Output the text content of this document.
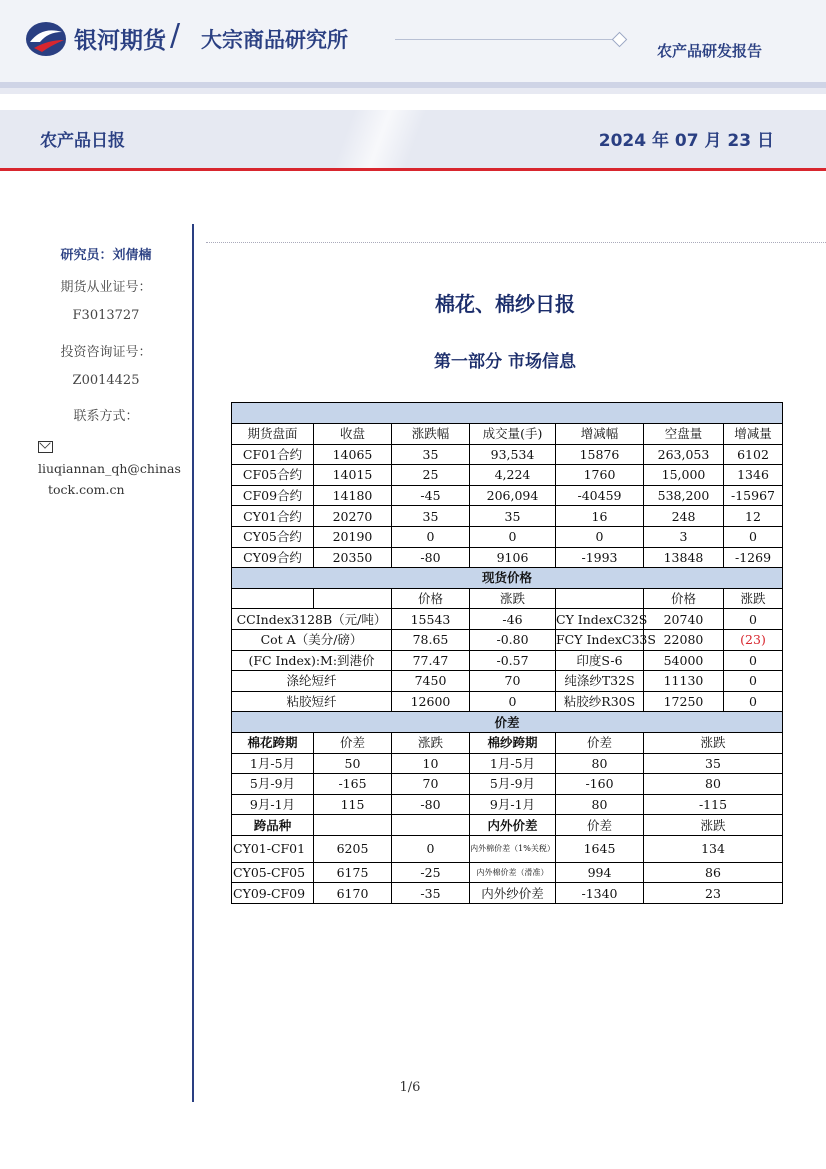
银河期货 / 大宗商品研究所	农产品研发报告
农产品日报	2024 年 07 月 23 日
研究员：刘倩楠
期货从业证号：
F3013727
投资咨询证号：
Z0014425
联系方式：
liuqiannan_qh@chinas
tock.com.cn
棉花、棉纱日报
第一部分 市场信息

期货盘面	收盘	涨跌幅	成交量(手)	增减幅	空盘量	增减量
CF01合约	14065	35	93,534	15876	263,053	6102
CF05合约	14015	25	4,224	1760	15,000	1346
CF09合约	14180	-45	206,094	-40459	538,200	-15967
CY01合约	20270	35	35	16	248	12
CY05合约	20190	0	0	0	3	0
CY09合约	20350	-80	9106	-1993	13848	-1269
现货价格						
		价格	涨跌		价格	涨跌
CCIndex3128B（元/吨）		15543	-46	CY IndexC32S	20740	0
Cot A（美分/磅）		78.65	-0.80	FCY IndexC33S	22080	(23)
(FC Index):M:到港价		77.47	-0.57	印度S-6	54000	0
涤纶短纤		7450	70	纯涤纱T32S	11130	0
粘胶短纤		12600	0	粘胶纱R30S	17250	0
价差						
棉花跨期	价差	涨跌	棉纱跨期	价差	涨跌	
1月-5月	50	10	1月-5月	80	35	
5月-9月	-165	70	5月-9月	-160	80	
9月-1月	115	-80	9月-1月	80	-115	
跨品种			内外价差	价差	涨跌	
CY01-CF01	6205	0	内外棉价差（1%关税）	1645	134	
CY05-CF05	6175	-25	内外棉价差（滑准）	994	86	
CY09-CF09	6170	-35	内外纱价差	-1340	23	
1/6
